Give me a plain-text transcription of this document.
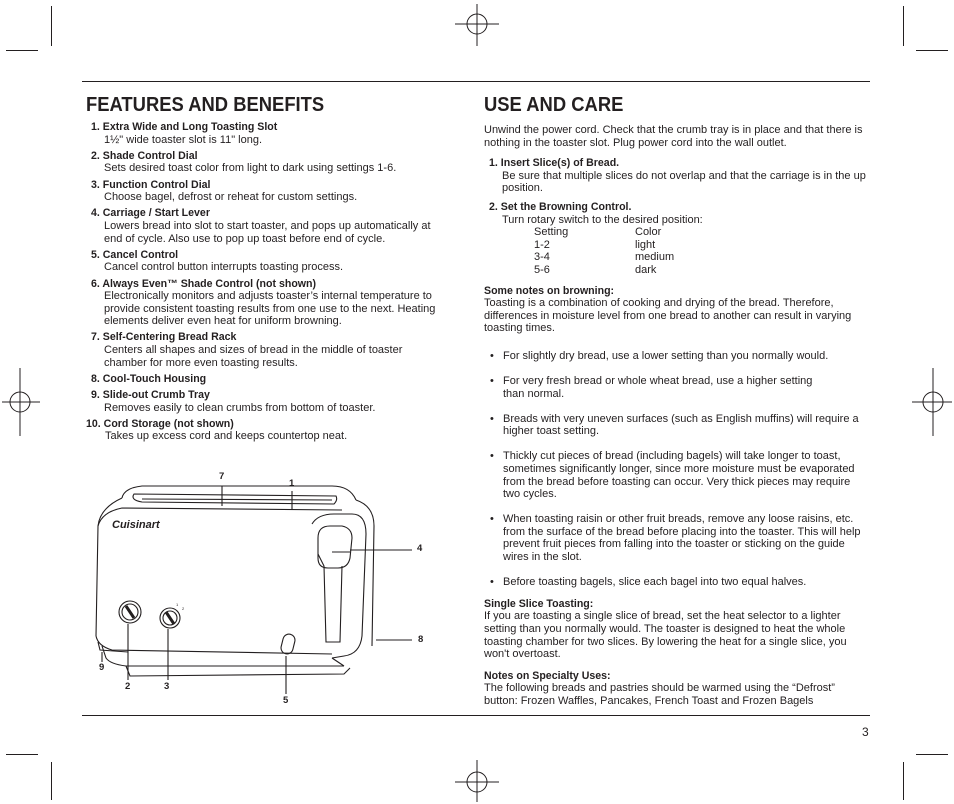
FEATURES AND BENEFITS
1. Extra Wide and Long Toasting Slot
1½" wide toaster slot is 11" long.
2. Shade Control Dial
Sets desired toast color from light to dark using settings 1-6.
3. Function Control Dial
Choose bagel, defrost or reheat for custom settings.
4. Carriage / Start Lever
Lowers bread into slot to start toaster, and pops up automatically at end of cycle. Also use to pop up toast before end of cycle.
5. Cancel Control
Cancel control button interrupts toasting process.
6. Always Even™ Shade Control (not shown)
Electronically monitors and adjusts toaster’s internal temperature to provide consistent toasting results from one use to the next. Heating elements deliver even heat for uniform browning.
7. Self-Centering Bread Rack
Centers all shapes and sizes of bread in the middle of toaster chamber for more even toasting results.
8. Cool-Touch Housing
9. Slide-out Crumb Tray
Removes easily to clean crumbs from bottom of toaster.
10. Cord Storage (not shown)
Takes up excess cord and keeps countertop neat.
1
2
Cuisinart
7
1
4
8
9
2	3
5
USE AND CARE
Unwind the power cord. Check that the crumb tray is in place and that there is nothing in the toaster slot. Plug power cord into the wall outlet.
1. Insert Slice(s) of Bread.
Be sure that multiple slices do not overlap and that the carriage is in the up position.
2. Set the Browning Control.
Turn rotary switch to the desired position:
Setting	Color
1-2	light
3-4	medium
5-6	dark
Some notes on browning:
Toasting is a combination of cooking and drying of the bread. Therefore, differences in moisture level from one bread to another can result in varying toasting times.
• For slightly dry bread, use a lower setting than you normally would.
• For very fresh bread or whole wheat bread, use a higher setting than normal.
• Breads with very uneven surfaces (such as English muffins) will require a higher toast setting.
• Thickly cut pieces of bread (including bagels) will take longer to toast, sometimes significantly longer, since more moisture must be evaporated from the bread before toasting can occur. Very thick pieces may require two cycles.
• When toasting raisin or other fruit breads, remove any loose raisins, etc. from the surface of the bread before placing into the toaster. This will help prevent fruit pieces from falling into the toaster or sticking on the guide wires in the slot.
• Before toasting bagels, slice each bagel into two equal halves.
Single Slice Toasting:
If you are toasting a single slice of bread, set the heat selector to a lighter setting than you normally would. The toaster is designed to heat the whole toasting chamber for two slices. By lowering the heat for a single slice, you won't overtoast.
Notes on Specialty Uses:
The following breads and pastries should be warmed using the “Defrost” button: Frozen Waffles, Pancakes, French Toast and Frozen Bagels
3
